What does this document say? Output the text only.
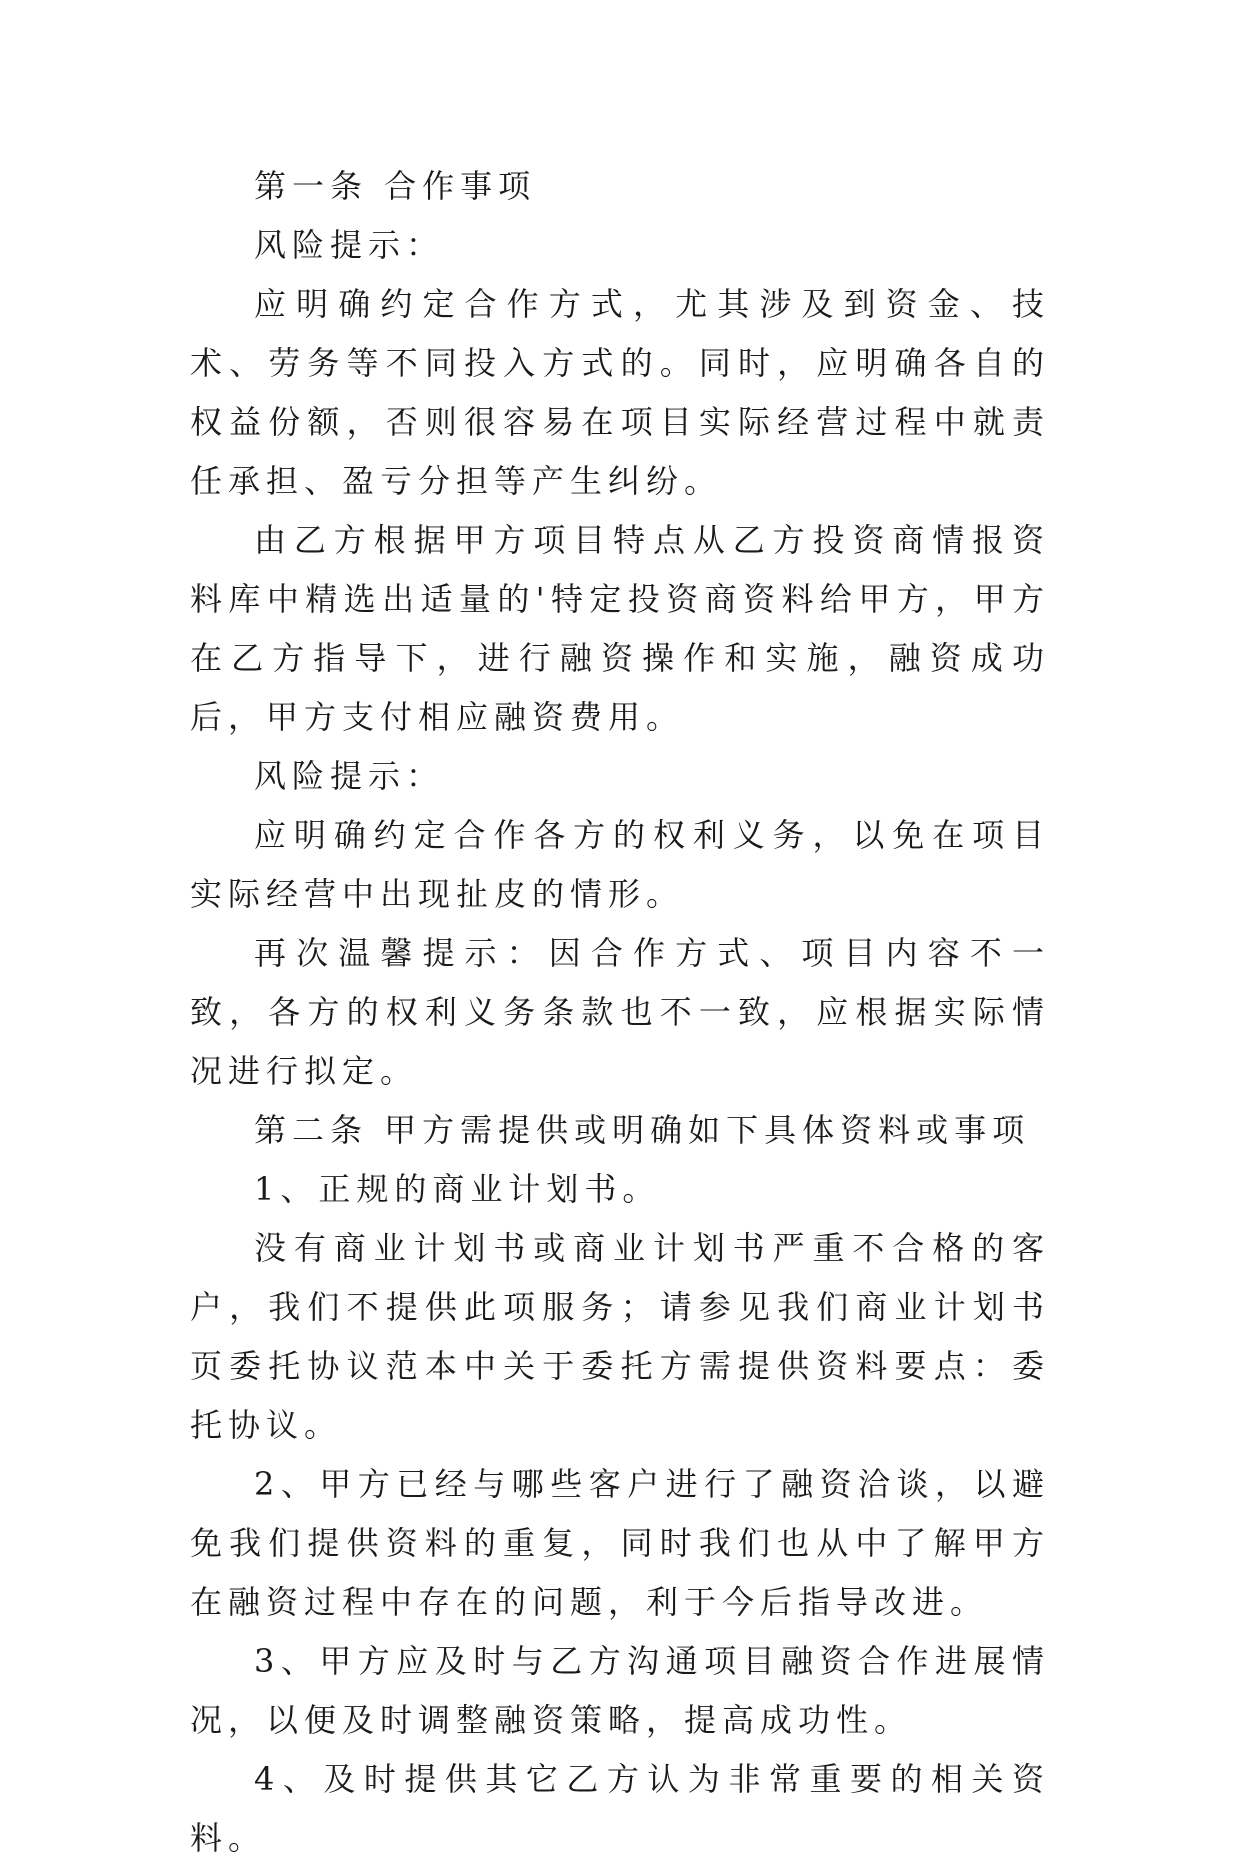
第一条 合作事项

风险提示：

应明确约定合作方式，尤其涉及到资金、技术、劳务等不同投入方式的。同时，应明确各自的权益份额，否则很容易在项目实际经营过程中就责任承担、盈亏分担等产生纠纷。

由乙方根据甲方项目特点从乙方投资商情报资料库中精选出适量的'特定投资商资料给甲方，甲方在乙方指导下，进行融资操作和实施，融资成功后，甲方支付相应融资费用。

风险提示：

应明确约定合作各方的权利义务，以免在项目实际经营中出现扯皮的情形。

再次温馨提示：因合作方式、项目内容不一致，各方的权利义务条款也不一致，应根据实际情况进行拟定。

第二条 甲方需提供或明确如下具体资料或事项

1、正规的商业计划书。

没有商业计划书或商业计划书严重不合格的客户，我们不提供此项服务；请参见我们商业计划书页委托协议范本中关于委托方需提供资料要点：委托协议。

2、甲方已经与哪些客户进行了融资洽谈，以避免我们提供资料的重复，同时我们也从中了解甲方在融资过程中存在的问题，利于今后指导改进。

3、甲方应及时与乙方沟通项目融资合作进展情况，以便及时调整融资策略，提高成功性。

4、及时提供其它乙方认为非常重要的相关资料。
